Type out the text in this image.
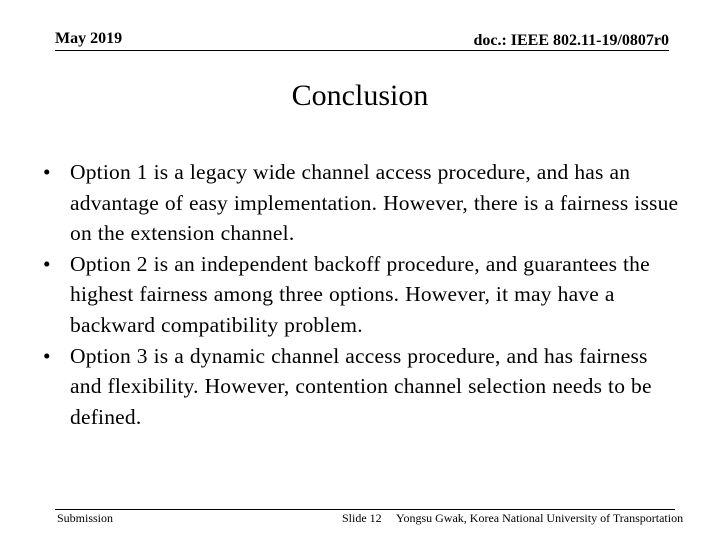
May 2019	doc.: IEEE 802.11-19/0807r0
Conclusion
• Option 1 is a legacy wide channel access procedure, and has an advantage of easy implementation. However, there is a fairness issue on the extension channel.
• Option 2 is an independent backoff procedure, and guarantees the highest fairness among three options. However, it may have a backward compatibility problem.
• Option 3 is a dynamic channel access procedure, and has fairness and flexibility. However, contention channel selection needs to be defined.
Submission	Slide 12 Yongsu Gwak, Korea National University of Transportation
